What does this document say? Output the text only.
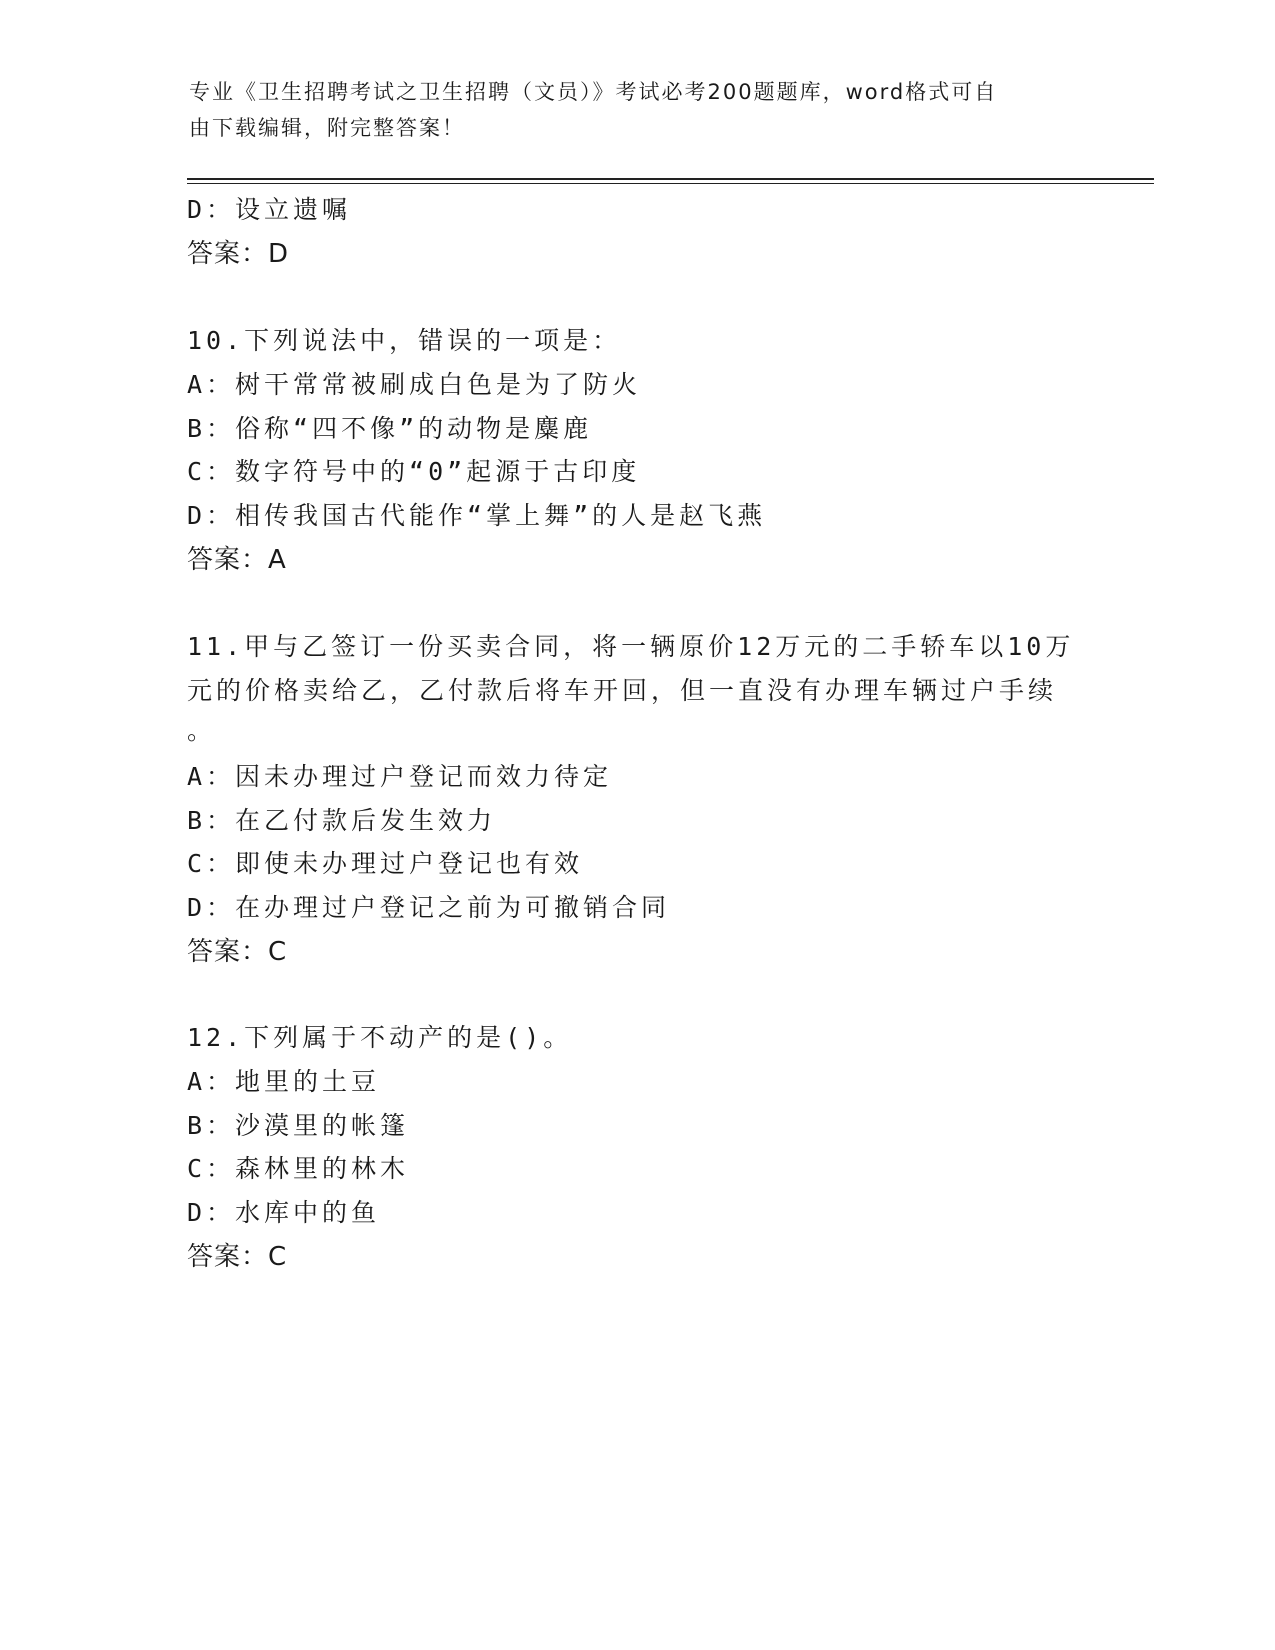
专业《卫生招聘考试之卫生招聘（文员）》考试必考200题题库，word格式可自
由下载编辑，附完整答案！
D：设立遗嘱
答案：D
10.下列说法中，错误的一项是：
A：树干常常被刷成白色是为了防火
B：俗称“四不像”的动物是麋鹿
C：数字符号中的“0”起源于古印度
D：相传我国古代能作“掌上舞”的人是赵飞燕
答案：A
11.甲与乙签订一份买卖合同，将一辆原价12万元的二手轿车以10万
元的价格卖给乙，乙付款后将车开回，但一直没有办理车辆过户手续
。
A：因未办理过户登记而效力待定
B：在乙付款后发生效力
C：即使未办理过户登记也有效
D：在办理过户登记之前为可撤销合同
答案：C
12.下列属于不动产的是()。
A：地里的土豆
B：沙漠里的帐篷
C：森林里的林木
D：水库中的鱼
答案：C
